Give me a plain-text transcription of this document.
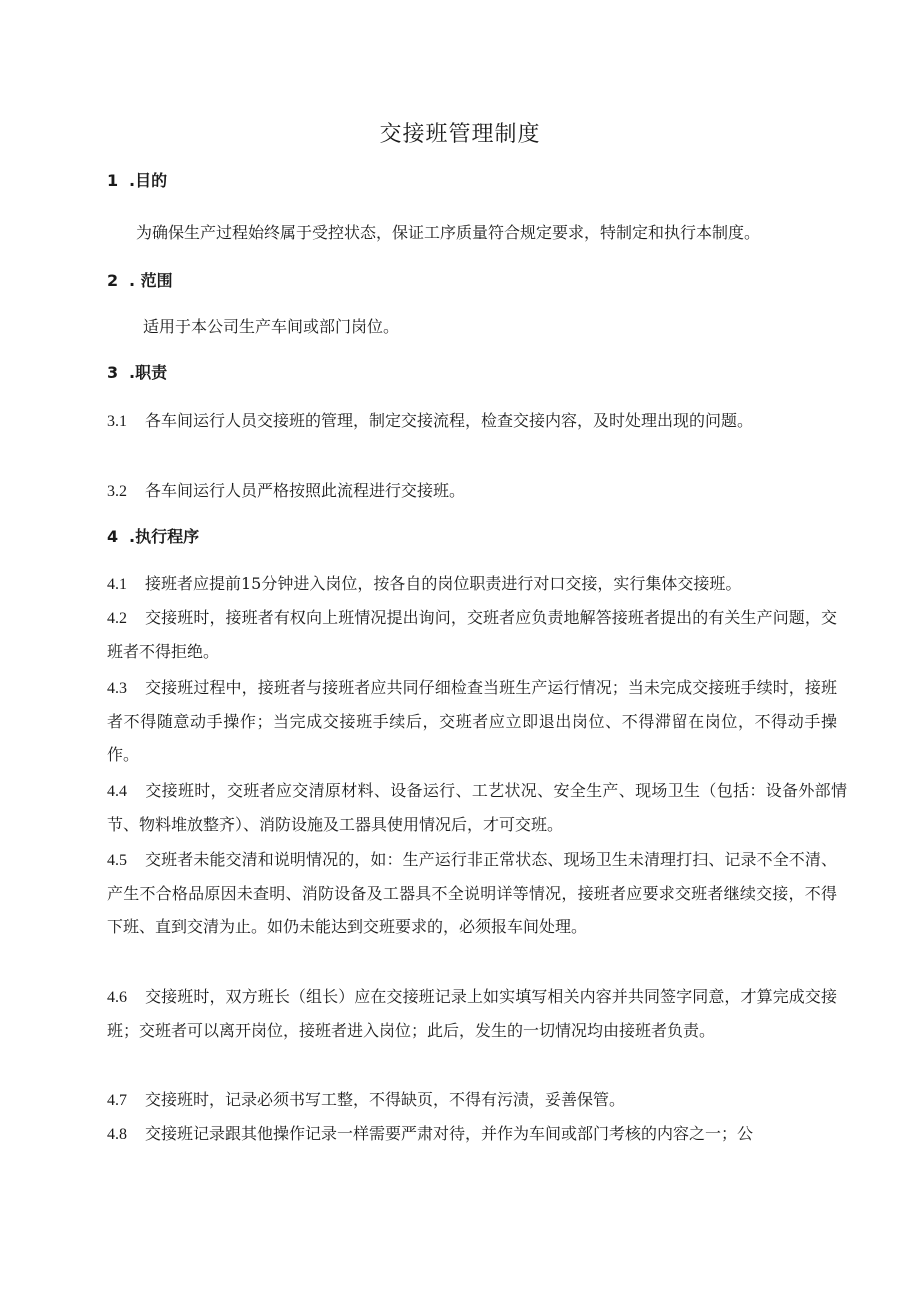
交接班管理制度
1 .目的

为确保生产过程始终属于受控状态，保证工序质量符合规定要求，特制定和执行本制度。

2 . 范围

适用于本公司生产车间或部门岗位。

3 .职责

3.1 各车间运行人员交接班的管理，制定交接流程，检查交接内容，及时处理出现的问题。

3.2 各车间运行人员严格按照此流程进行交接班。

4 .执行程序

4.1 接班者应提前15分钟进入岗位，按各自的岗位职责进行对口交接，实行集体交接班。

4.2 交接班时，接班者有权向上班情况提出询问，交班者应负责地解答接班者提出的有关生产问题，交班者不得拒绝。

4.3 交接班过程中，接班者与接班者应共同仔细检查当班生产运行情况；当未完成交接班手续时，接班者不得随意动手操作；当完成交接班手续后，交班者应立即退出岗位、不得滞留在岗位，不得动手操作。

4.4 交接班时，交班者应交清原材料、设备运行、工艺状况、安全生产、现场卫生（包括：设备外部情节、物料堆放整齐）、消防设施及工器具使用情况后，才可交班。

4.5 交班者未能交清和说明情况的，如：生产运行非正常状态、现场卫生未清理打扫、记录不全不清、产生不合格品原因未查明、消防设备及工器具不全说明详等情况，接班者应要求交班者继续交接，不得下班、直到交清为止。如仍未能达到交班要求的，必须报车间处理。

4.6 交接班时，双方班长（组长）应在交接班记录上如实填写相关内容并共同签字同意，才算完成交接班；交班者可以离开岗位，接班者进入岗位；此后，发生的一切情况均由接班者负责。

4.7 交接班时，记录必须书写工整，不得缺页，不得有污渍，妥善保管。

4.8 交接班记录跟其他操作记录一样需要严肃对待，并作为车间或部门考核的内容之一；公
